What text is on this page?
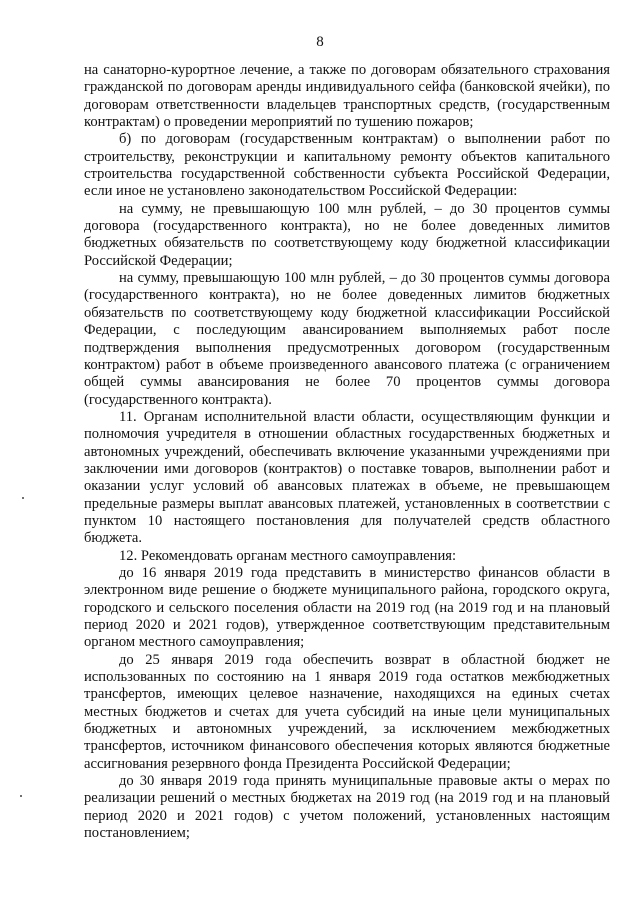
8

на санаторно-курортное лечение, а также по договорам обязательного страхования гражданской по договорам аренды индивидуального сейфа (банковской ячейки), по договорам ответственности владельцев транспортных средств, (государственным контрактам) о проведении мероприятий по тушению пожаров;

б) по договорам (государственным контрактам) о выполнении работ по строительству, реконструкции и капитальному ремонту объектов капитального строительства государственной собственности субъекта Российской Федерации, если иное не установлено законодательством Российской Федерации:

на сумму, не превышающую 100 млн рублей, – до 30 процентов суммы договора (государственного контракта), но не более доведенных лимитов бюджетных обязательств по соответствующему коду бюджетной классификации Российской Федерации;

на сумму, превышающую 100 млн рублей, – до 30 процентов суммы договора (государственного контракта), но не более доведенных лимитов бюджетных обязательств по соответствующему коду бюджетной классификации Российской Федерации, с последующим авансированием выполняемых работ после подтверждения выполнения предусмотренных договором (государственным контрактом) работ в объеме произведенного авансового платежа (с ограничением общей суммы авансирования не более 70 процентов суммы договора (государственного контракта).

11. Органам исполнительной власти области, осуществляющим функции и полномочия учредителя в отношении областных государственных бюджетных и автономных учреждений, обеспечивать включение указанными учреждениями при заключении ими договоров (контрактов) о поставке товаров, выполнении работ и оказании услуг условий об авансовых платежах в объеме, не превышающем предельные размеры выплат авансовых платежей, установленных в соответствии с пунктом 10 настоящего постановления для получателей средств областного бюджета.

12. Рекомендовать органам местного самоуправления:

до 16 января 2019 года представить в министерство финансов области в электронном виде решение о бюджете муниципального района, городского округа, городского и сельского поселения области на 2019 год (на 2019 год и на плановый период 2020 и 2021 годов), утвержденное соответствующим представительным органом местного самоуправления;

до 25 января 2019 года обеспечить возврат в областной бюджет не использованных по состоянию на 1 января 2019 года остатков межбюджетных трансфертов, имеющих целевое назначение, находящихся на единых счетах местных бюджетов и счетах для учета субсидий на иные цели муниципальных бюджетных и автономных учреждений, за исключением межбюджетных трансфертов, источником финансового обеспечения которых являются бюджетные ассигнования резервного фонда Президента Российской Федерации;

до 30 января 2019 года принять муниципальные правовые акты о мерах по реализации решений о местных бюджетах на 2019 год (на 2019 год и на плановый период 2020 и 2021 годов) с учетом положений, установленных настоящим постановлением;
